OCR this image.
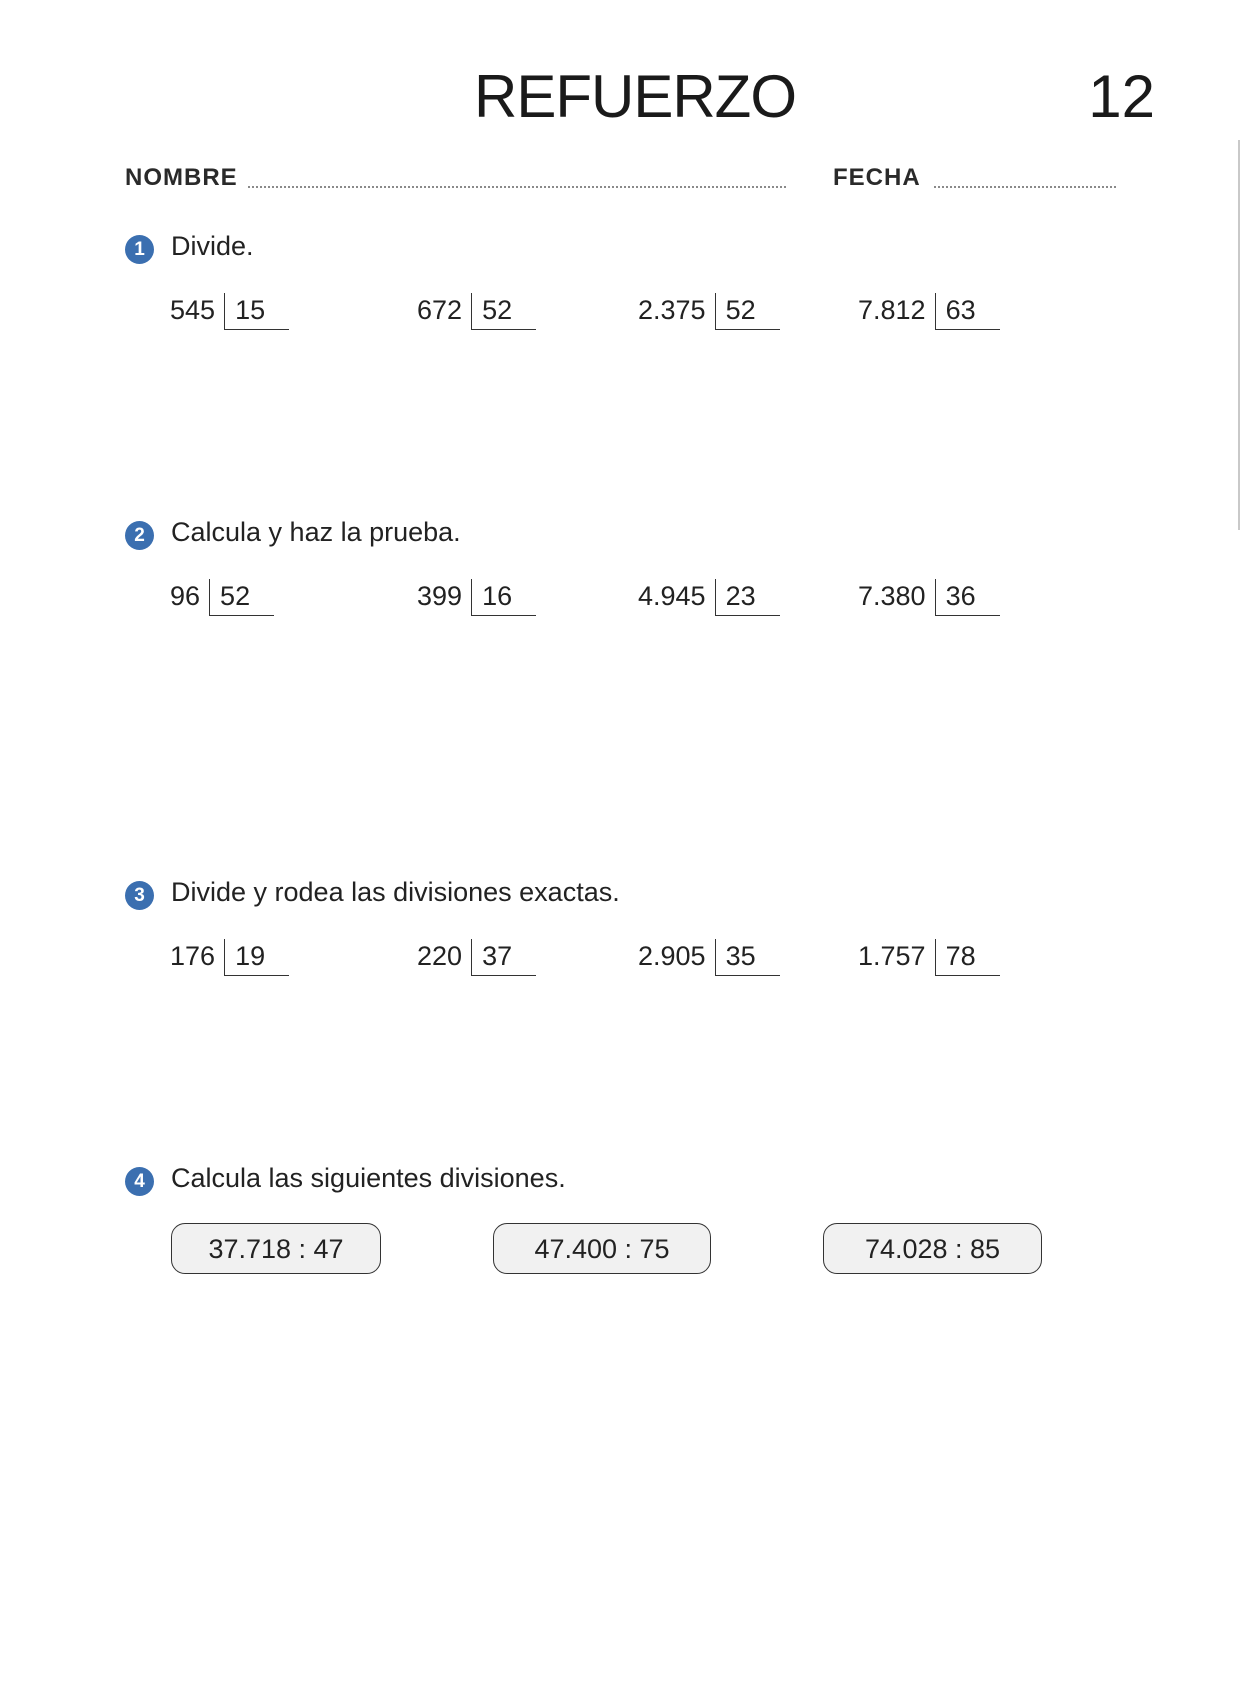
REFUERZO	12
NOMBRE	FECHA
1 Divide.
545 15	672 52	2.375 52	7.812 63
2 Calcula y haz la prueba.
96 52	399 16	4.945 23	7.380 36
3 Divide y rodea las divisiones exactas.
176 19	220 37	2.905 35	1.757 78
4 Calcula las siguientes divisiones.
37.718 : 47	47.400 : 75	74.028 : 85
